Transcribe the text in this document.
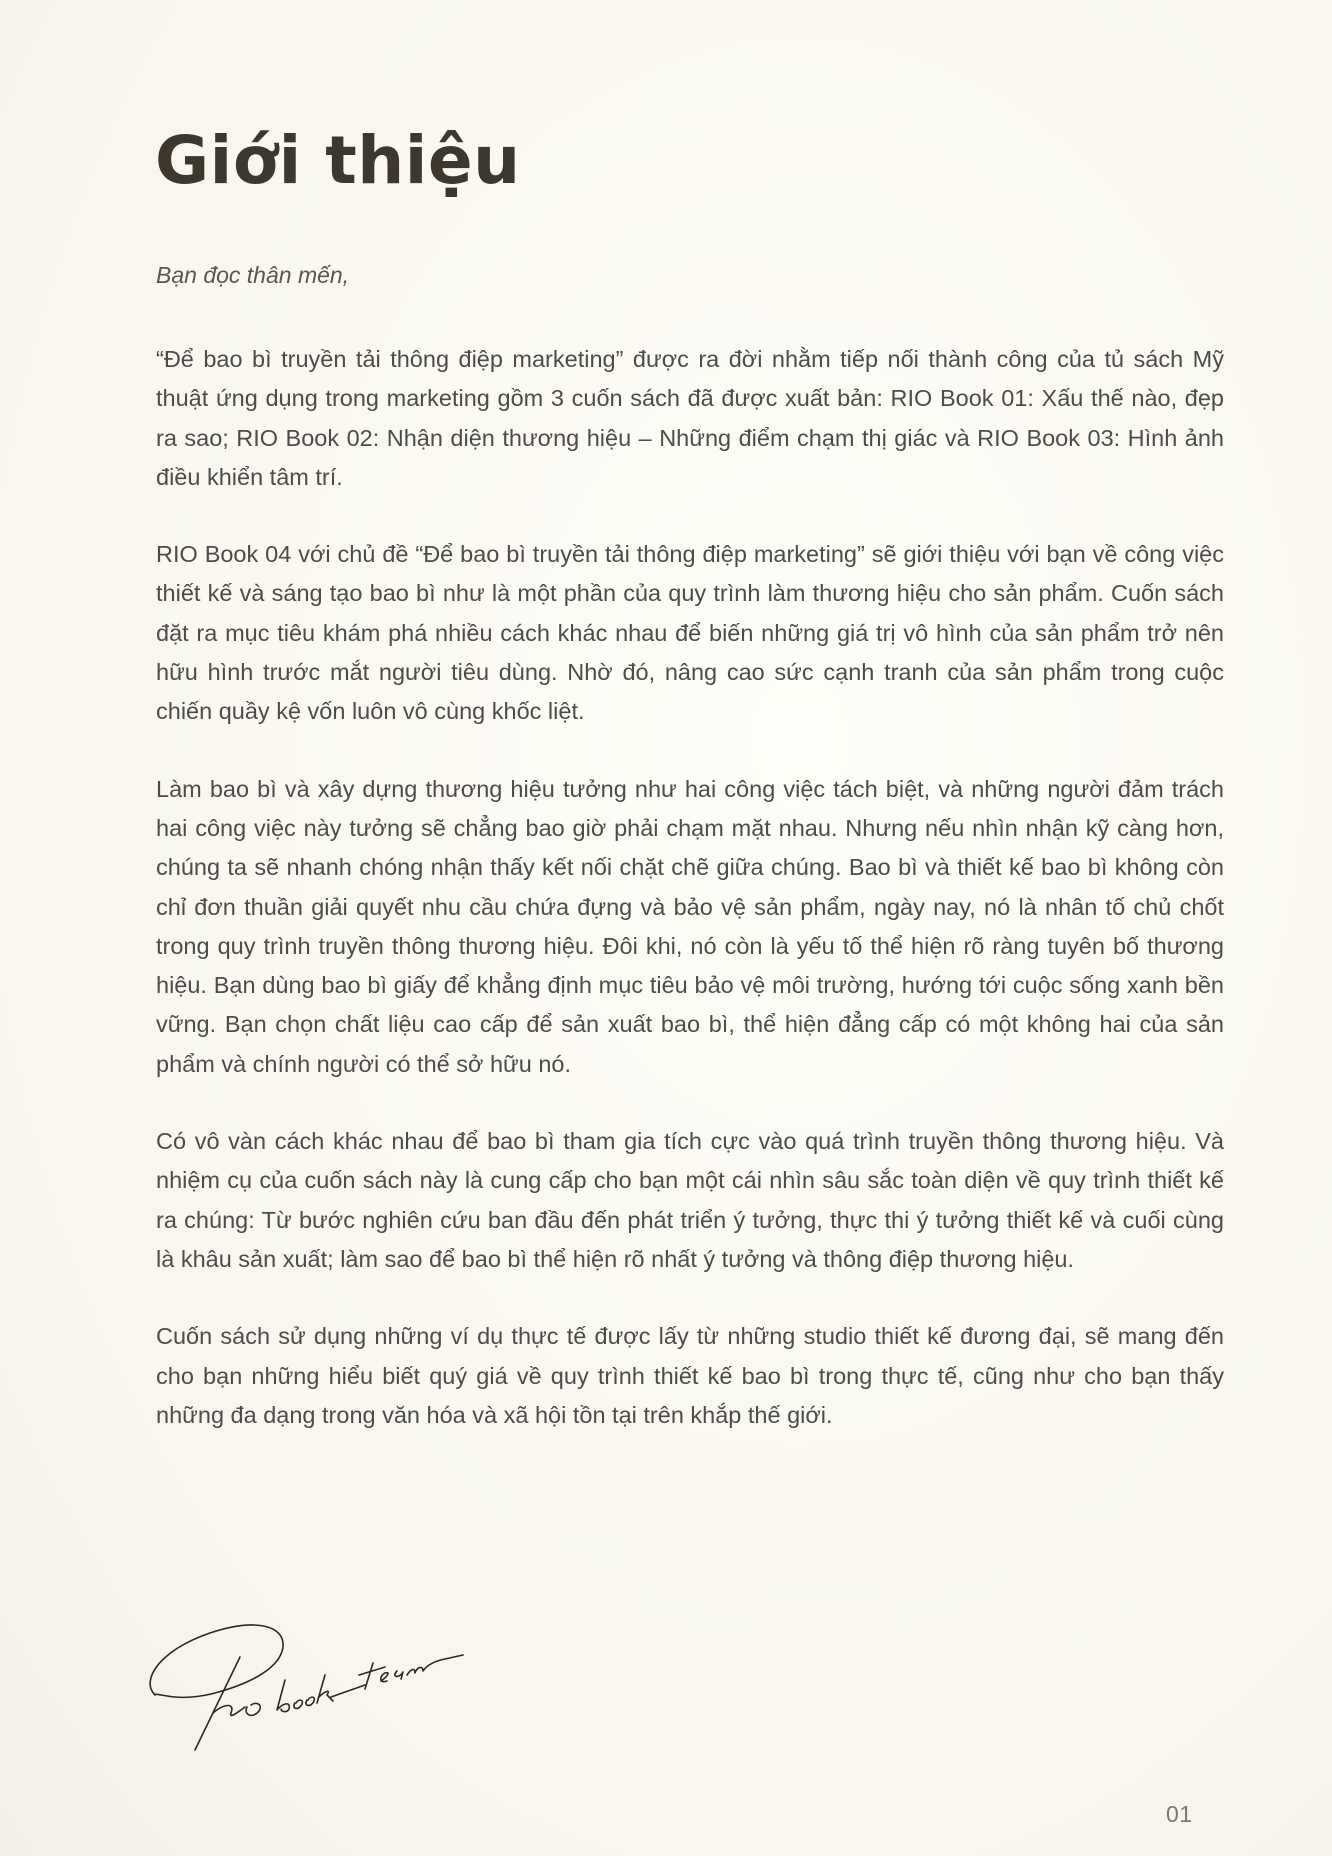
Giới thiệu

Bạn đọc thân mến,

“Để bao bì truyền tải thông điệp marketing” được ra đời nhằm tiếp nối thành công của tủ sách Mỹ thuật ứng dụng trong marketing gồm 3 cuốn sách đã được xuất bản: RIO Book 01: Xấu thế nào, đẹp ra sao; RIO Book 02: Nhận diện thương hiệu – Những điểm chạm thị giác và RIO Book 03: Hình ảnh điều khiển tâm trí.

RIO Book 04 với chủ đề “Để bao bì truyền tải thông điệp marketing” sẽ giới thiệu với bạn về công việc thiết kế và sáng tạo bao bì như là một phần của quy trình làm thương hiệu cho sản phẩm. Cuốn sách đặt ra mục tiêu khám phá nhiều cách khác nhau để biến những giá trị vô hình của sản phẩm trở nên hữu hình trước mắt người tiêu dùng. Nhờ đó, nâng cao sức cạnh tranh của sản phẩm trong cuộc chiến quầy kệ vốn luôn vô cùng khốc liệt.

Làm bao bì và xây dựng thương hiệu tưởng như hai công việc tách biệt, và những người đảm trách hai công việc này tưởng sẽ chẳng bao giờ phải chạm mặt nhau. Nhưng nếu nhìn nhận kỹ càng hơn, chúng ta sẽ nhanh chóng nhận thấy kết nối chặt chẽ giữa chúng. Bao bì và thiết kế bao bì không còn chỉ đơn thuần giải quyết nhu cầu chứa đựng và bảo vệ sản phẩm, ngày nay, nó là nhân tố chủ chốt trong quy trình truyền thông thương hiệu. Đôi khi, nó còn là yếu tố thể hiện rõ ràng tuyên bố thương hiệu. Bạn dùng bao bì giấy để khẳng định mục tiêu bảo vệ môi trường, hướng tới cuộc sống xanh bền vững. Bạn chọn chất liệu cao cấp để sản xuất bao bì, thể hiện đẳng cấp có một không hai của sản phẩm và chính người có thể sở hữu nó.

Có vô vàn cách khác nhau để bao bì tham gia tích cực vào quá trình truyền thông thương hiệu. Và nhiệm cụ của cuốn sách này là cung cấp cho bạn một cái nhìn sâu sắc toàn diện về quy trình thiết kế ra chúng: Từ bước nghiên cứu ban đầu đến phát triển ý tưởng, thực thi ý tưởng thiết kế và cuối cùng là khâu sản xuất; làm sao để bao bì thể hiện rõ nhất ý tưởng và thông điệp thương hiệu.

Cuốn sách sử dụng những ví dụ thực tế được lấy từ những studio thiết kế đương đại, sẽ mang đến cho bạn những hiểu biết quý giá về quy trình thiết kế bao bì trong thực tế, cũng như cho bạn thấy những đa dạng trong văn hóa và xã hội tồn tại trên khắp thế giới.

01
